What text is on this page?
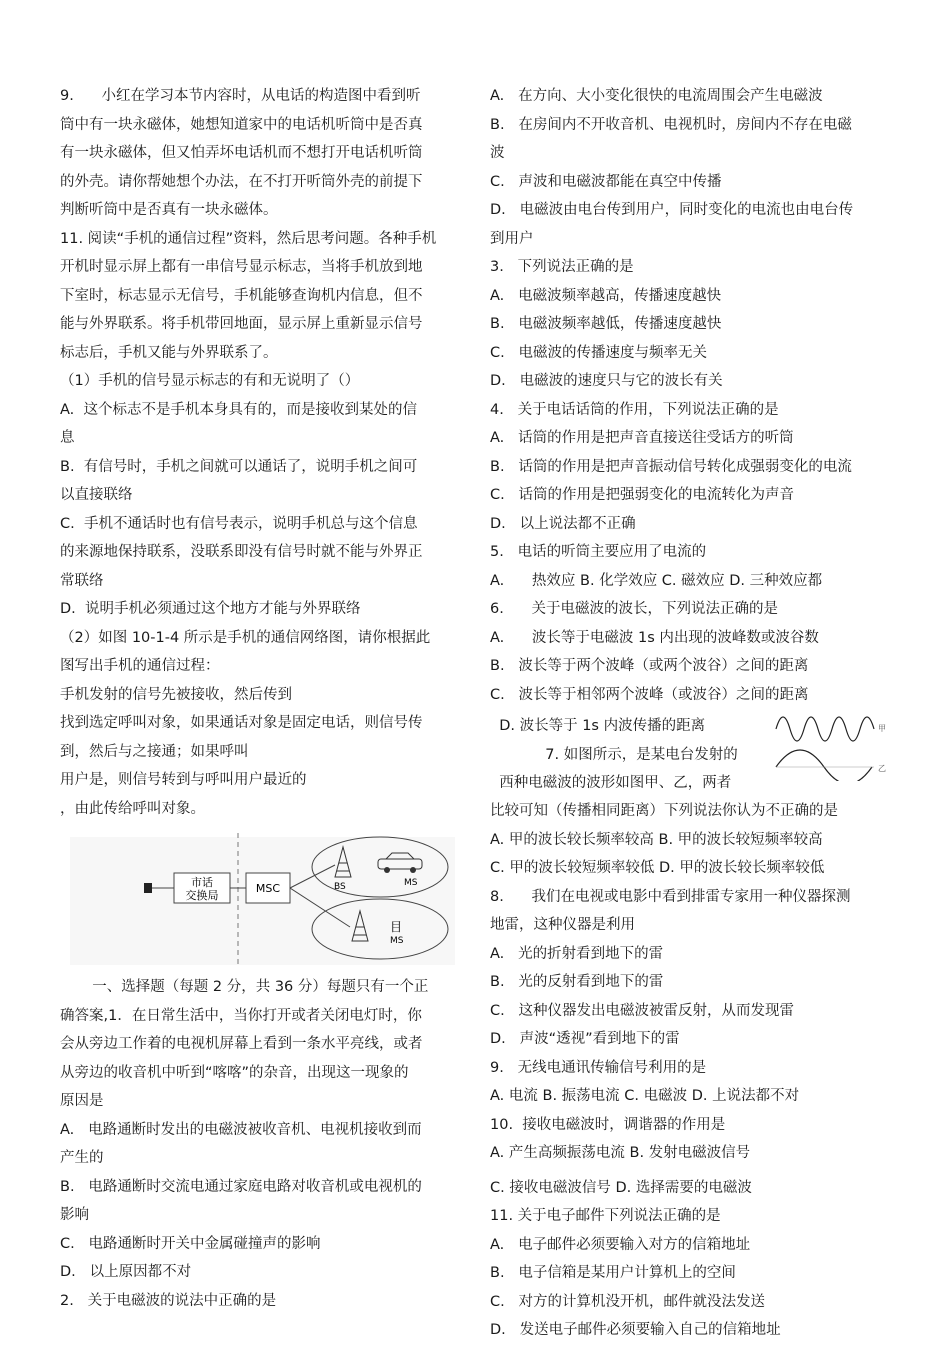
9.      小红在学习本节内容时，从电话的构造图中看到听

筒中有一块永磁体，她想知道家中的电话机听筒中是否真

有一块永磁体，但又怕弄坏电话机而不想打开电话机听筒

的外壳。请你帮她想个办法，在不打开听筒外壳的前提下

判断听筒中是否真有一块永磁体。

11. 阅读“手机的通信过程”资料，然后思考问题。各种手机

开机时显示屏上都有一串信号显示标志，当将手机放到地

下室时，标志显示无信号，手机能够查询机内信息，但不

能与外界联系。将手机带回地面，显示屏上重新显示信号

标志后，手机又能与外界联系了。

（1）手机的信号显示标志的有和无说明了（）

A.  这个标志不是手机本身具有的，而是接收到某处的信

息

B.  有信号时，手机之间就可以通话了，说明手机之间可

以直接联络

C.  手机不通话时也有信号表示，说明手机总与这个信息

的来源地保持联系，没联系即没有信号时就不能与外界正

常联络

D.  说明手机必须通过这个地方才能与外界联络

（2）如图 10-1-4 所示是手机的通信网络图，请你根据此

图写出手机的通信过程：

手机发射的信号先被接收，然后传到

找到选定呼叫对象，如果通话对象是固定电话，则信号传

到，然后与之接通；如果呼叫

用户是，则信号转到与呼叫用户最近的

，由此传给呼叫对象。

市话
交换局
MSC	BS	MS
目
MS

一、选择题（每题 2 分，共 36 分）每题只有一个正

确答案,1．在日常生活中，当你打开或者关闭电灯时，你

会从旁边工作着的电视机屏幕上看到一条水平亮线，或者

从旁边的收音机中听到“喀喀”的杂音，出现这一现象的

原因是

A.   电路通断时发出的电磁波被收音机、电视机接收到而

产生的

B.   电路通断时交流电通过家庭电路对收音机或电视机的

影响

C.   电路通断时开关中金属碰撞声的影响

D.   以上原因都不对

2.   关于电磁波的说法中正确的是

A.   在方向、大小变化很快的电流周围会产生电磁波

B.   在房间内不开收音机、电视机时，房间内不存在电磁

波

C.   声波和电磁波都能在真空中传播

D.   电磁波由电台传到用户，同时变化的电流也由电台传

到用户

3.   下列说法正确的是

A.   电磁波频率越高，传播速度越快

B.   电磁波频率越低，传播速度越快

C.   电磁波的传播速度与频率无关

D.   电磁波的速度只与它的波长有关

4.   关于电话话筒的作用，下列说法正确的是

A.   话筒的作用是把声音直接送往受话方的听筒

B.   话筒的作用是把声音振动信号转化成强弱变化的电流

C.   话筒的作用是把强弱变化的电流转化为声音

D.   以上说法都不正确

5.   电话的听筒主要应用了电流的

A.      热效应 B. 化学效应 C. 磁效应 D. 三种效应都

6.      关于电磁波的波长，下列说法正确的是

A.      波长等于电磁波 1s 内出现的波峰数或波谷数

B.   波长等于两个波峰（或两个波谷）之间的距离

C.   波长等于相邻两个波峰（或波谷）之间的距离

D. 波长等于 1s 内波传播的距离

7. 如图所示，是某电台发射的

西种电磁波的波形如图甲、乙，两者

甲
乙

比较可知（传播相同距离）下列说法你认为不正确的是

A. 甲的波长较长频率较高 B. 甲的波长较短频率较高

C. 甲的波长较短频率较低 D. 甲的波长较长频率较低

8.      我们在电视或电影中看到排雷专家用一种仪器探测

地雷，这种仪器是利用

A.   光的折射看到地下的雷

B.   光的反射看到地下的雷

C.   这种仪器发出电磁波被雷反射，从而发现雷

D.   声波“透视”看到地下的雷

9.   无线电通讯传输信号利用的是

A. 电流 B. 振荡电流 C. 电磁波 D. 上说法都不对

10.  接收电磁波时，调谐器的作用是

A. 产生高频振荡电流 B. 发射电磁波信号

C. 接收电磁波信号 D. 选择需要的电磁波

11. 关于电子邮件下列说法正确的是

A.   电子邮件必须要输入对方的信箱地址

B.   电子信箱是某用户计算机上的空间

C.   对方的计算机没开机，邮件就没法发送

D.   发送电子邮件必须要输入自己的信箱地址
